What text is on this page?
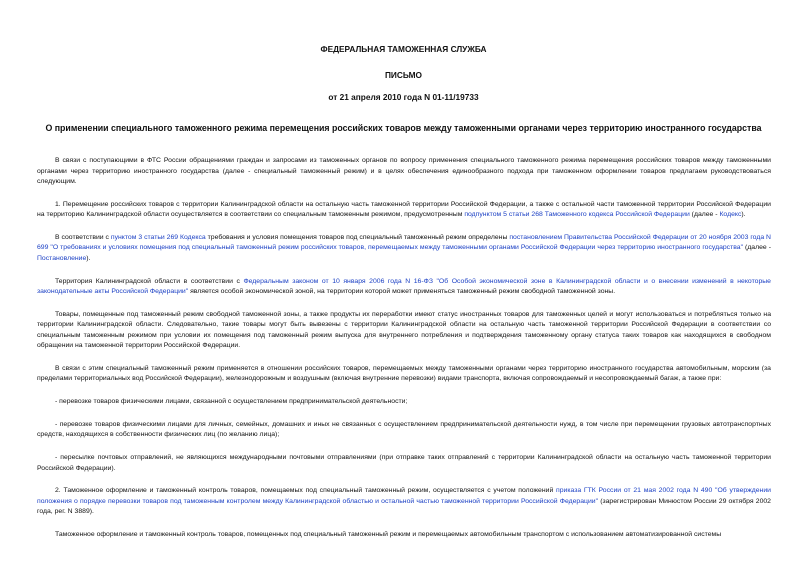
ФЕДЕРАЛЬНАЯ ТАМОЖЕННАЯ СЛУЖБА
ПИСЬМО
от 21 апреля 2010 года N 01-11/19733
О применении специального таможенного режима перемещения российских товаров между таможенными органами через территорию иностранного государства

В связи с поступающими в ФТС России обращениями граждан и запросами из таможенных органов по вопросу применения специального таможенного режима перемещения российских товаров между таможенными органами через территорию иностранного государства (далее - специальный таможенный режим) и в целях обеспечения единообразного подхода при таможенном оформлении товаров предлагаем руководствоваться следующим.

1. Перемещение российских товаров с территории Калининградской области на остальную часть таможенной территории Российской Федерации, а также с остальной части таможенной территории Российской Федерации на территорию Калининградской области осуществляется в соответствии со специальным таможенным режимом, предусмотренным подпунктом 5 статьи 268 Таможенного кодекса Российской Федерации (далее - Кодекс).

В соответствии с пунктом 3 статьи 269 Кодекса требования и условия помещения товаров под специальный таможенный режим определены постановлением Правительства Российской Федерации от 20 ноября 2003 года N 699 "О требованиях и условиях помещения под специальный таможенный режим российских товаров, перемещаемых между таможенными органами Российской Федерации через территорию иностранного государства" (далее - Постановление).

Территория Калининградской области в соответствии с Федеральным законом от 10 января 2006 года N 16-ФЗ "Об Особой экономической зоне в Калининградской области и о внесении изменений в некоторые законодательные акты Российской Федерации" является особой экономической зоной, на территории которой может применяться таможенный режим свободной таможенной зоны.

Товары, помещенные под таможенный режим свободной таможенной зоны, а также продукты их переработки имеют статус иностранных товаров для таможенных целей и могут использоваться и потребляться только на территории Калининградской области. Следовательно, такие товары могут быть вывезены с территории Калининградской области на остальную часть таможенной территории Российской Федерации в соответствии со специальным таможенным режимом при условии их помещения под таможенный режим выпуска для внутреннего потребления и подтверждения таможенному органу статуса таких товаров как находящихся в свободном обращении на таможенной территории Российской Федерации.

В связи с этим специальный таможенный режим применяется в отношении российских товаров, перемещаемых между таможенными органами через территорию иностранного государства автомобильным, морским (за пределами территориальных вод Российской Федерации), железнодорожным и воздушным (включая внутренние перевозки) видами транспорта, включая сопровождаемый и несопровождаемый багаж, а также при:

- перевозке товаров физическими лицами, связанной с осуществлением предпринимательской деятельности;

- перевозке товаров физическими лицами для личных, семейных, домашних и иных не связанных с осуществлением предпринимательской деятельности нужд, в том числе при перемещении грузовых автотранспортных средств, находящихся в собственности физических лиц (по желанию лица);

- пересылке почтовых отправлений, не являющихся международными почтовыми отправлениями (при отправке таких отправлений с территории Калининградской области на остальную часть таможенной территории Российской Федерации).

2. Таможенное оформление и таможенный контроль товаров, помещаемых под специальный таможенный режим, осуществляется с учетом положений приказа ГТК России от 21 мая 2002 года N 490 "Об утверждении положения о порядке перевозки товаров под таможенным контролем между Калининградской областью и остальной частью таможенной территории Российской Федерации" (зарегистрирован Минюстом России 29 октября 2002 года, рег. N 3889).

Таможенное оформление и таможенный контроль товаров, помещенных под специальный таможенный режим и перемещаемых автомобильным транспортом с использованием автоматизированной системы
